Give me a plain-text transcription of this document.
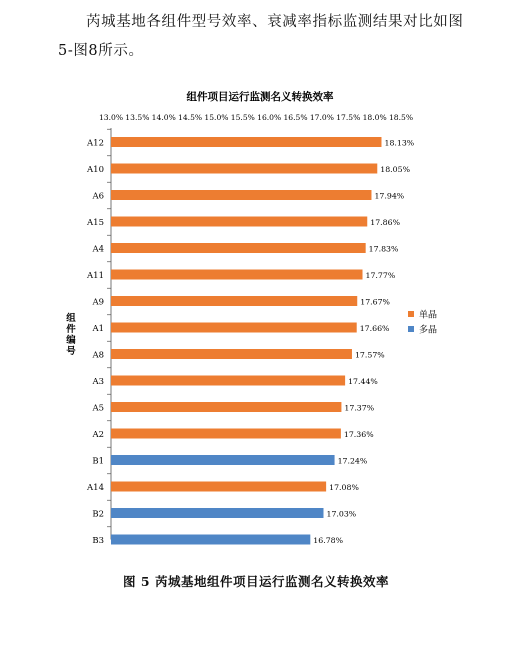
芮城基地各组件型号效率、衰减率指标监测结果对比如图5-图8所示。
组件项目运行监测名义转换效率
13.0% 13.5% 14.0% 14.5% 15.0% 15.5% 16.0% 16.5% 17.0% 17.5% 18.0% 18.5%
A12	18.13%
A10	18.05%
A6	17.94%
A15	17.86%
A4	17.83%
A11	17.77%
A9	17.67%
A1	17.66%
A8	17.57%
A3	17.44%
A5	17.37%
A2	17.36%
B1	17.24%
A14	17.08%
B2	17.03%
B3	16.78%
组
件
编
号
单晶
多晶
图 5 芮城基地组件项目运行监测名义转换效率
